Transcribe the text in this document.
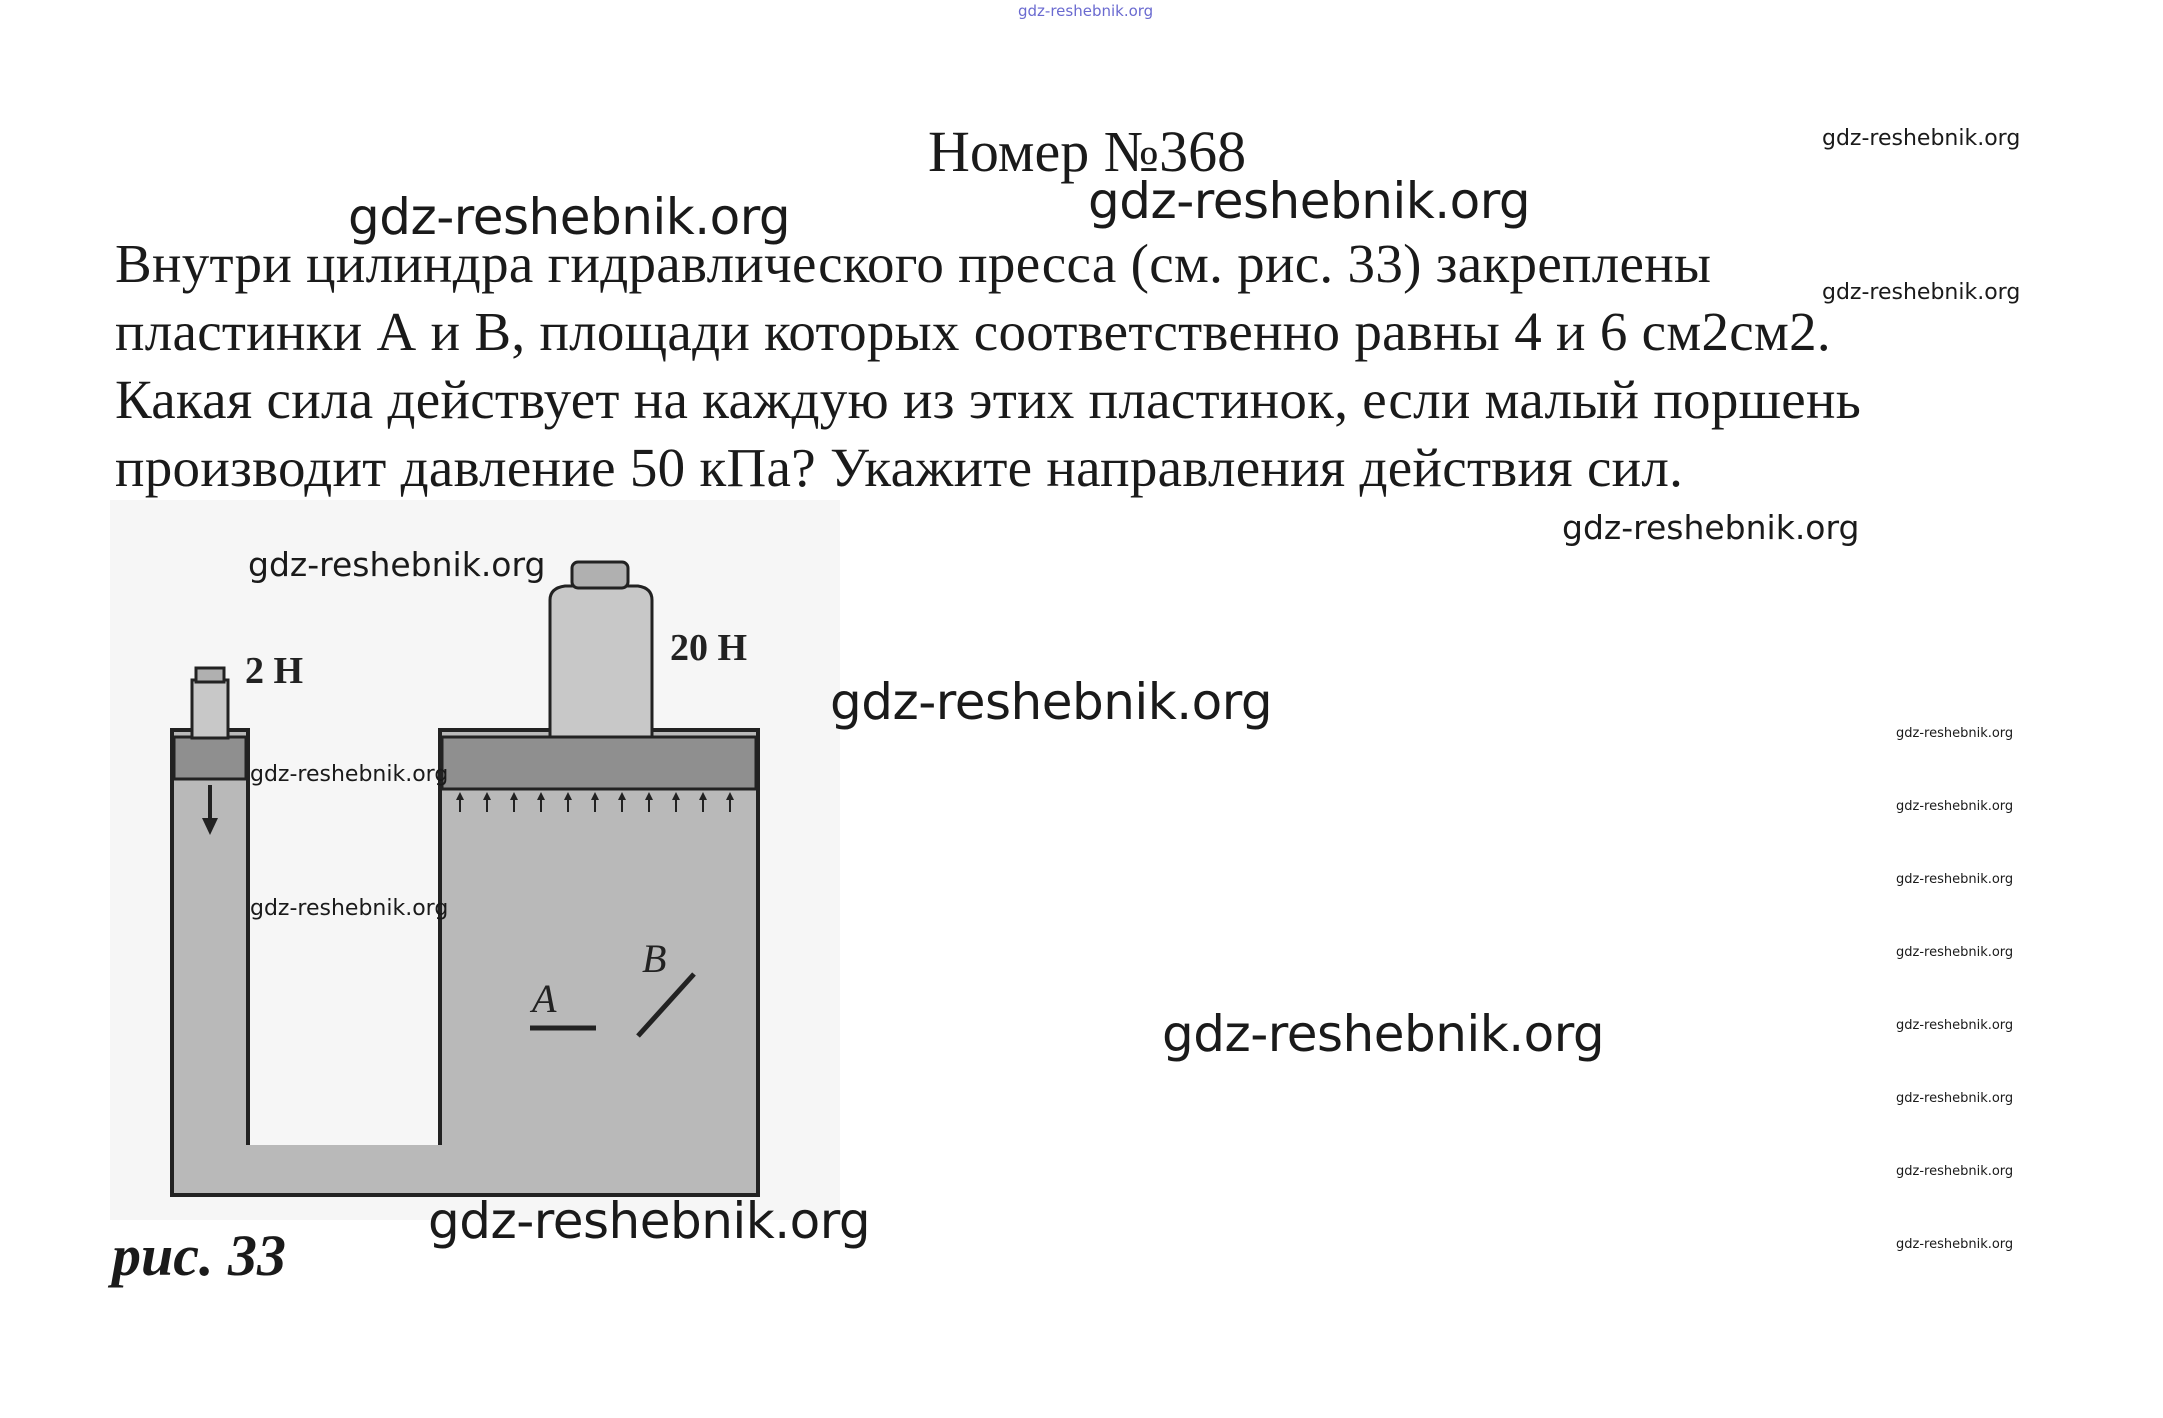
gdz-reshebnik.org
Номер №368
gdz-reshebnik.org	gdz-reshebnik.org
gdz-reshebnik.org
gdz-reshebnik.org
Внутри цилиндра гидравлического пресса (см. рис. 33) закреплены
пластинки А и В, площади которых соответственно равны 4 и 6 см2см2.
Какая сила действует на каждую из этих пластинок, если малый поршень
производит давление 50 кПа? Укажите направления действия сил.
gdz-reshebnik.org
2 Н
20 Н
A
B
gdz-reshebnik.org
gdz-reshebnik.org
gdz-reshebnik.org
gdz-reshebnik.org
gdz-reshebnik.org
gdz-reshebnik.org
gdz-reshebnik.org
gdz-reshebnik.org
gdz-reshebnik.org
gdz-reshebnik.org
gdz-reshebnik.org
gdz-reshebnik.org
gdz-reshebnik.org
gdz-reshebnik.org
рис. 33
